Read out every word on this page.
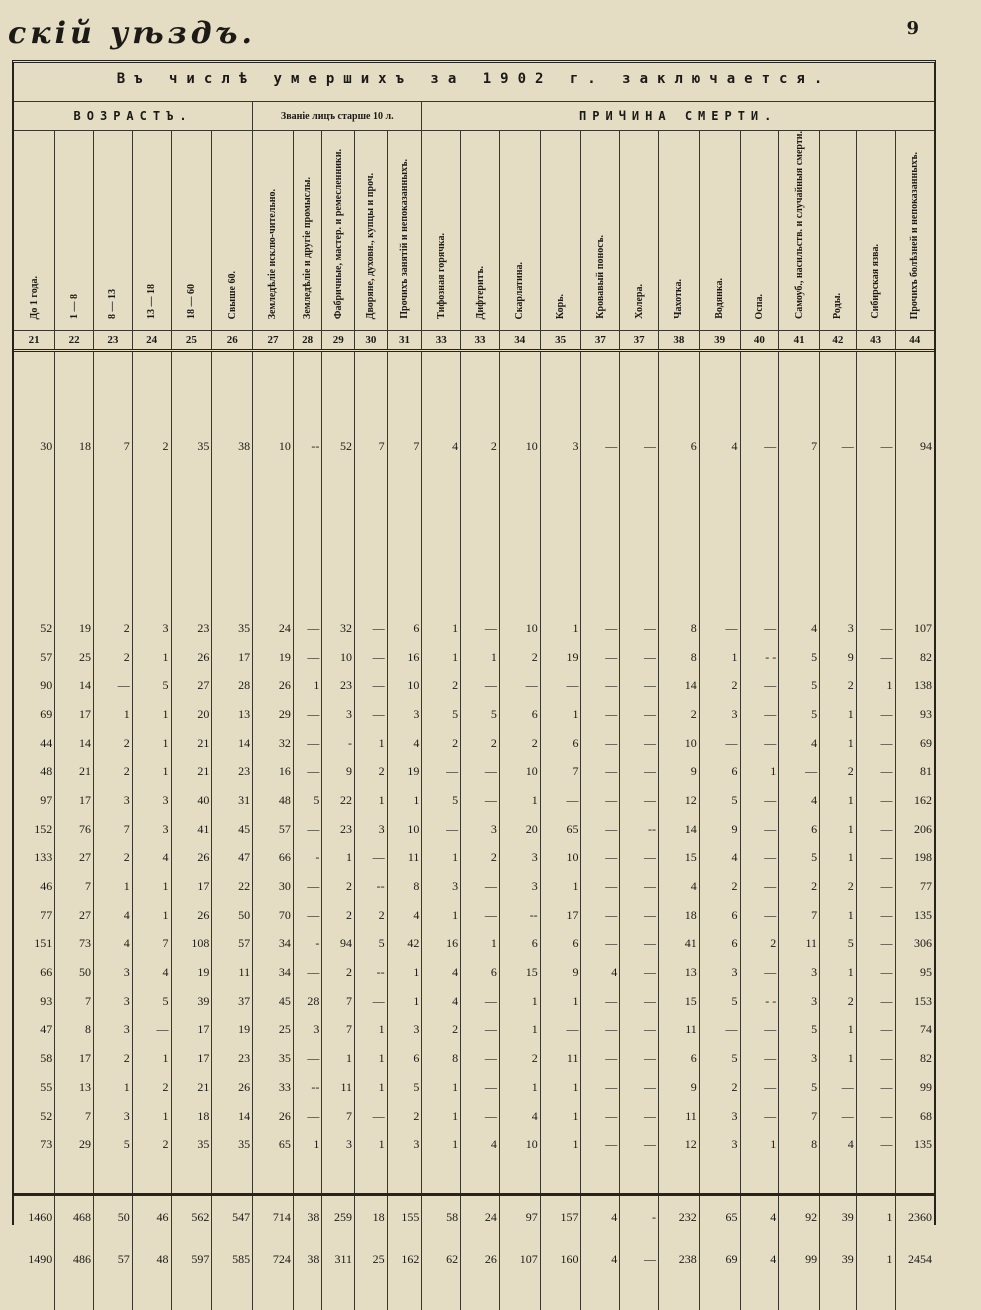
скій уѣздъ.	9
Въ числѣ умершихъ за 1902 г. заключается.
ВОЗРАСТЪ.						Званіе лицъ старше 10 л.					ПРИЧИНА СМЕРТИ.												
До 1 года.	1 — 8	8 — 13	13 — 18	18 — 60	Свыше 60.	Земледѣліе исклю-чительно.	Земледѣліе и другіе промыслы.	Фабричные, мастер. и ремесленники.	Дворяне, духовн., купцы и проч.	Прочихъ занятій и непоказанныхъ.	Тифозная горячка.	Дифтеритъ.	Скарлатина.	Корь.	Кровавый поносъ.	Холера.	Чахотка.	Водянка.	Оспа.	Самоуб., насильств. и случайныя смерти.	Роды.	Сибирская язва.	Прочихъ болѣзней и непоказанныхъ.
21	22	23	24	25	26	27	28	29	30	31	33	33	34	35	37	37	38	39	40	41	42	43	44

30	18	7	2	35	38	10	--	52	7	7	4	2	10	3	—	—	6	4	—	7	—	—	94

52	19	2	3	23	35	24	—	32	—	6	1	—	10	1	—	—	8	—	—	4	3	—	107
57	25	2	1	26	17	19	—	10	—	16	1	1	2	19	—	—	8	1	- -	5	9	—	82
90	14	—	5	27	28	26	1	23	—	10	2	—	—	—	—	—	14	2	—	5	2	1	138
69	17	1	1	20	13	29	—	3	—	3	5	5	6	1	—	—	2	3	—	5	1	—	93
44	14	2	1	21	14	32	—	-	1	4	2	2	2	6	—	—	10	—	—	4	1	—	69
48	21	2	1	21	23	16	—	9	2	19	—	—	10	7	—	—	9	6	1	—	2	—	81
97	17	3	3	40	31	48	5	22	1	1	5	—	1	—	—	—	12	5	—	4	1	—	162
152	76	7	3	41	45	57	—	23	3	10	—	3	20	65	—	--	14	9	—	6	1	—	206
133	27	2	4	26	47	66	-	1	—	11	1	2	3	10	—	—	15	4	—	5	1	—	198
46	7	1	1	17	22	30	—	2	--	8	3	—	3	1	—	—	4	2	—	2	2	—	77
77	27	4	1	26	50	70	—	2	2	4	1	—	--	17	—	—	18	6	—	7	1	—	135
151	73	4	7	108	57	34	-	94	5	42	16	1	6	6	—	—	41	6	2	11	5	—	306
66	50	3	4	19	11	34	—	2	--	1	4	6	15	9	4	—	13	3	—	3	1	—	95
93	7	3	5	39	37	45	28	7	—	1	4	—	1	1	—	—	15	5	- -	3	2	—	153
47	8	3	—	17	19	25	3	7	1	3	2	—	1	—	—	—	11	—	—	5	1	—	74
58	17	2	1	17	23	35	—	1	1	6	8	—	2	11	—	—	6	5	—	3	1	—	82
55	13	1	2	21	26	33	--	11	1	5	1	—	1	1	—	—	9	2	—	5	—	—	99
52	7	3	1	18	14	26	—	7	—	2	1	—	4	1	—	—	11	3	—	7	—	—	68
73	29	5	2	35	35	65	1	3	1	3	1	4	10	1	—	—	12	3	1	8	4	—	135

1460	468	50	46	562	547	714	38	259	18	155	58	24	97	157	4	-	232	65	4	92	39	1	2360
1490	486	57	48	597	585	724	38	311	25	162	62	26	107	160	4	—	238	69	4	99	39	1	2454
